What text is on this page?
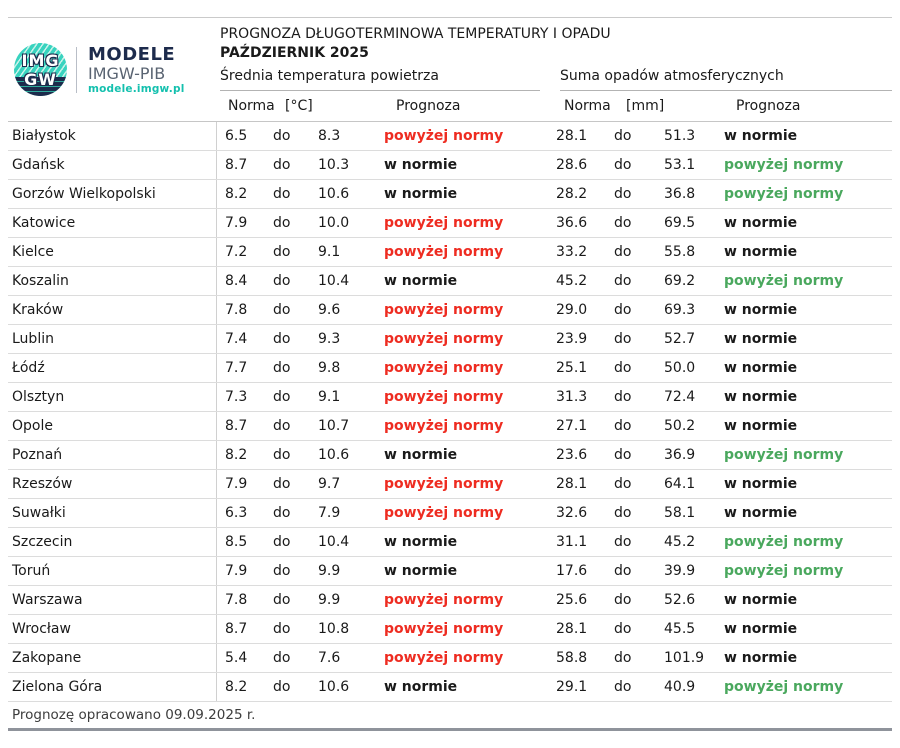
IMG
GW
MODELE
IMGW-PIB
modele.imgw.pl
PROGNOZA DŁUGOTERMINOWA TEMPERATURY I OPADU
PAŹDZIERNIK 2025
Średnia temperatura powietrza	Suma opadów atmosferycznych
Norma [°C]	Prognoza	Norma	[mm]	Prognoza
Białystok	6.5	do	8.3	powyżej normy	28.1	do	51.3	w normie
Gdańsk	8.7	do	10.3	w normie	28.6	do	53.1	powyżej normy
Gorzów Wielkopolski	8.2	do	10.6	w normie	28.2	do	36.8	powyżej normy
Katowice	7.9	do	10.0	powyżej normy	36.6	do	69.5	w normie
Kielce	7.2	do	9.1	powyżej normy	33.2	do	55.8	w normie
Koszalin	8.4	do	10.4	w normie	45.2	do	69.2	powyżej normy
Kraków	7.8	do	9.6	powyżej normy	29.0	do	69.3	w normie
Lublin	7.4	do	9.3	powyżej normy	23.9	do	52.7	w normie
Łódź	7.7	do	9.8	powyżej normy	25.1	do	50.0	w normie
Olsztyn	7.3	do	9.1	powyżej normy	31.3	do	72.4	w normie
Opole	8.7	do	10.7	powyżej normy	27.1	do	50.2	w normie
Poznań	8.2	do	10.6	w normie	23.6	do	36.9	powyżej normy
Rzeszów	7.9	do	9.7	powyżej normy	28.1	do	64.1	w normie
Suwałki	6.3	do	7.9	powyżej normy	32.6	do	58.1	w normie
Szczecin	8.5	do	10.4	w normie	31.1	do	45.2	powyżej normy
Toruń	7.9	do	9.9	w normie	17.6	do	39.9	powyżej normy
Warszawa	7.8	do	9.9	powyżej normy	25.6	do	52.6	w normie
Wrocław	8.7	do	10.8	powyżej normy	28.1	do	45.5	w normie
Zakopane	5.4	do	7.6	powyżej normy	58.8	do	101.9	w normie
Zielona Góra	8.2	do	10.6	w normie	29.1	do	40.9	powyżej normy
Prognozę opracowano 09.09.2025 r.
